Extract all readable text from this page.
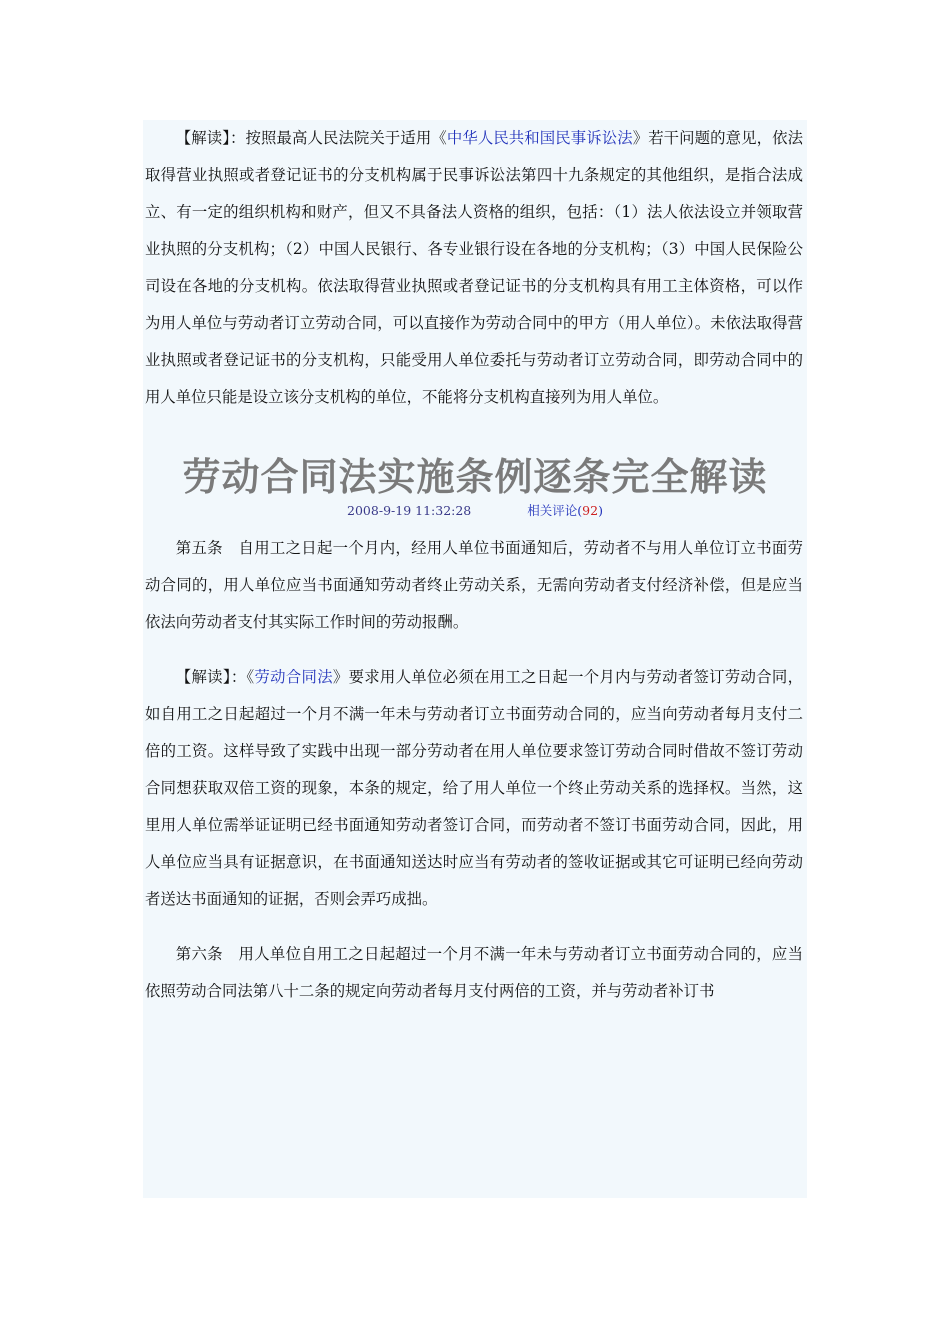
【解读】：按照最高人民法院关于适用《中华人民共和国民事诉讼法》若干问题的意见，依法取得营业执照或者登记证书的分支机构属于民事诉讼法第四十九条规定的其他组织，是指合法成立、有一定的组织机构和财产，但又不具备法人资格的组织，包括：（1）法人依法设立并领取营业执照的分支机构；（2）中国人民银行、各专业银行设在各地的分支机构；（3）中国人民保险公司设在各地的分支机构。依法取得营业执照或者登记证书的分支机构具有用工主体资格，可以作为用人单位与劳动者订立劳动合同，可以直接作为劳动合同中的甲方（用人单位）。未依法取得营业执照或者登记证书的分支机构，只能受用人单位委托与劳动者订立劳动合同，即劳动合同中的用人单位只能是设立该分支机构的单位，不能将分支机构直接列为用人单位。

劳动合同法实施条例逐条完全解读
2008-9-19 11:32:28	相关评论(92)

第五条　自用工之日起一个月内，经用人单位书面通知后，劳动者不与用人单位订立书面劳动合同的，用人单位应当书面通知劳动者终止劳动关系，无需向劳动者支付经济补偿，但是应当依法向劳动者支付其实际工作时间的劳动报酬。

【解读】：《劳动合同法》要求用人单位必须在用工之日起一个月内与劳动者签订劳动合同，如自用工之日起超过一个月不满一年未与劳动者订立书面劳动合同的，应当向劳动者每月支付二倍的工资。这样导致了实践中出现一部分劳动者在用人单位要求签订劳动合同时借故不签订劳动合同想获取双倍工资的现象，本条的规定，给了用人单位一个终止劳动关系的选择权。当然，这里用人单位需举证证明已经书面通知劳动者签订合同，而劳动者不签订书面劳动合同，因此，用人单位应当具有证据意识，在书面通知送达时应当有劳动者的签收证据或其它可证明已经向劳动者送达书面通知的证据，否则会弄巧成拙。

第六条　用人单位自用工之日起超过一个月不满一年未与劳动者订立书面劳动合同的，应当依照劳动合同法第八十二条的规定向劳动者每月支付两倍的工资，并与劳动者补订书
